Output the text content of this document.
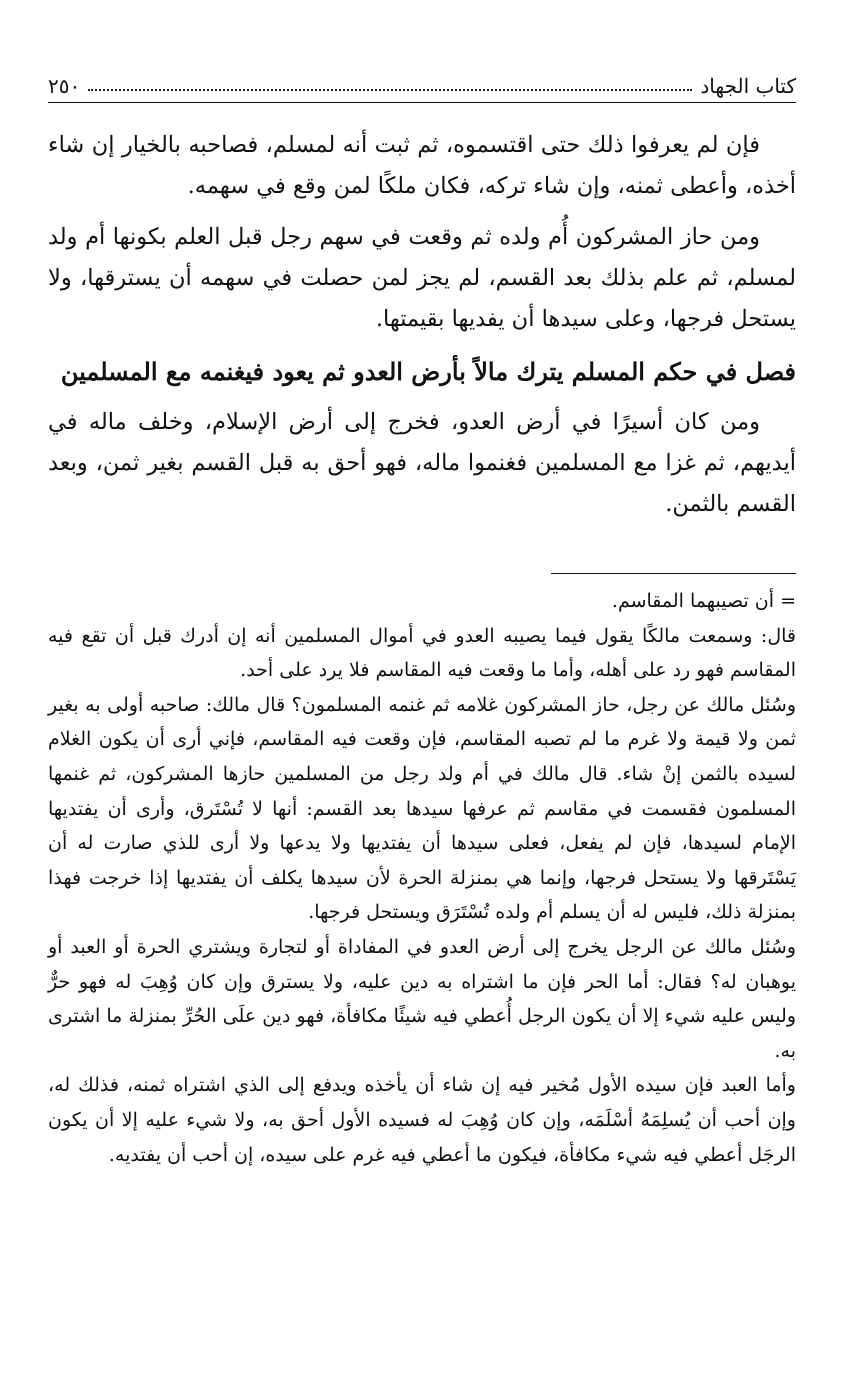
كتاب الجهاد
٢٥٠

فإن لم يعرفوا ذلك حتى اقتسموه، ثم ثبت أنه لمسلم، فصاحبه بالخيار إن شاء أخذه، وأعطى ثمنه، وإن شاء تركه، فكان ملكًا لمن وقع في سهمه.

ومن حاز المشركون أُم ولده ثم وقعت في سهم رجل قبل العلم بكونها أم ولد لمسلم، ثم علم بذلك بعد القسم، لم يجز لمن حصلت في سهمه أن يسترقها، ولا يستحل فرجها، وعلى سيدها أن يفديها بقيمتها.

فصل في حكم المسلم يترك مالاً بأرض العدو ثم يعود فيغنمه مع المسلمين

ومن كان أسيرًا في أرض العدو، فخرج إلى أرض الإسلام، وخلف ماله في أيديهم، ثم غزا مع المسلمين فغنموا ماله، فهو أحق به قبل القسم بغير ثمن، وبعد القسم بالثمن.

= أن تصيبهما المقاسم.

قال: وسمعت مالكًا يقول فيما يصيبه العدو في أموال المسلمين أنه إن أدرك قبل أن تقع فيه المقاسم فهو رد على أهله، وأما ما وقعت فيه المقاسم فلا يرد على أحد.

وسُئل مالك عن رجل، حاز المشركون غلامه ثم غنمه المسلمون؟ قال مالك: صاحبه أولى به بغير ثمن ولا قيمة ولا غرم ما لم تصبه المقاسم، فإن وقعت فيه المقاسم، فإني أرى أن يكون الغلام لسيده بالثمن إنْ شاء. قال مالك في أم ولد رجل من المسلمين حازها المشركون، ثم غنمها المسلمون فقسمت في مقاسم ثم عرفها سيدها بعد القسم: أنها لا تُسْتَرق، وأرى أن يفتديها الإمام لسيدها، فإن لم يفعل، فعلى سيدها أن يفتديها ولا يدعها ولا أرى للذي صارت له أن يَسْتَرقها ولا يستحل فرجها، وإنما هي بمنزلة الحرة لأن سيدها يكلف أن يفتديها إذا خرجت فهذا بمنزلة ذلك، فليس له أن يسلم أم ولده تُسْتَرَق ويستحل فرجها.

وسُئل مالك عن الرجل يخرج إلى أرض العدو في المفاداة أو لتجارة ويشتري الحرة أو العبد أو يوهبان له؟ فقال: أما الحر فإن ما اشتراه به دين عليه، ولا يسترق وإن كان وُهِبَ له فهو حرٌّ وليس عليه شيء إلا أن يكون الرجل أُعطي فيه شيئًا مكافأة، فهو دين علَى الحُرِّ بمنزلة ما اشترى به.

وأما العبد فإن سيده الأول مُخير فيه إن شاء أن يأخذه ويدفع إلى الذي اشتراه ثمنه، فذلك له، وإن أحب أن يُسلِمَهُ أسْلَمَه، وإن كان وُهِبَ له فسيده الأول أحق به، ولا شيء عليه إلا أن يكون الرجَل أعطي فيه شيء مكافأة، فيكون ما أعطي فيه غرم على سيده، إن أحب أن يفتديه.
